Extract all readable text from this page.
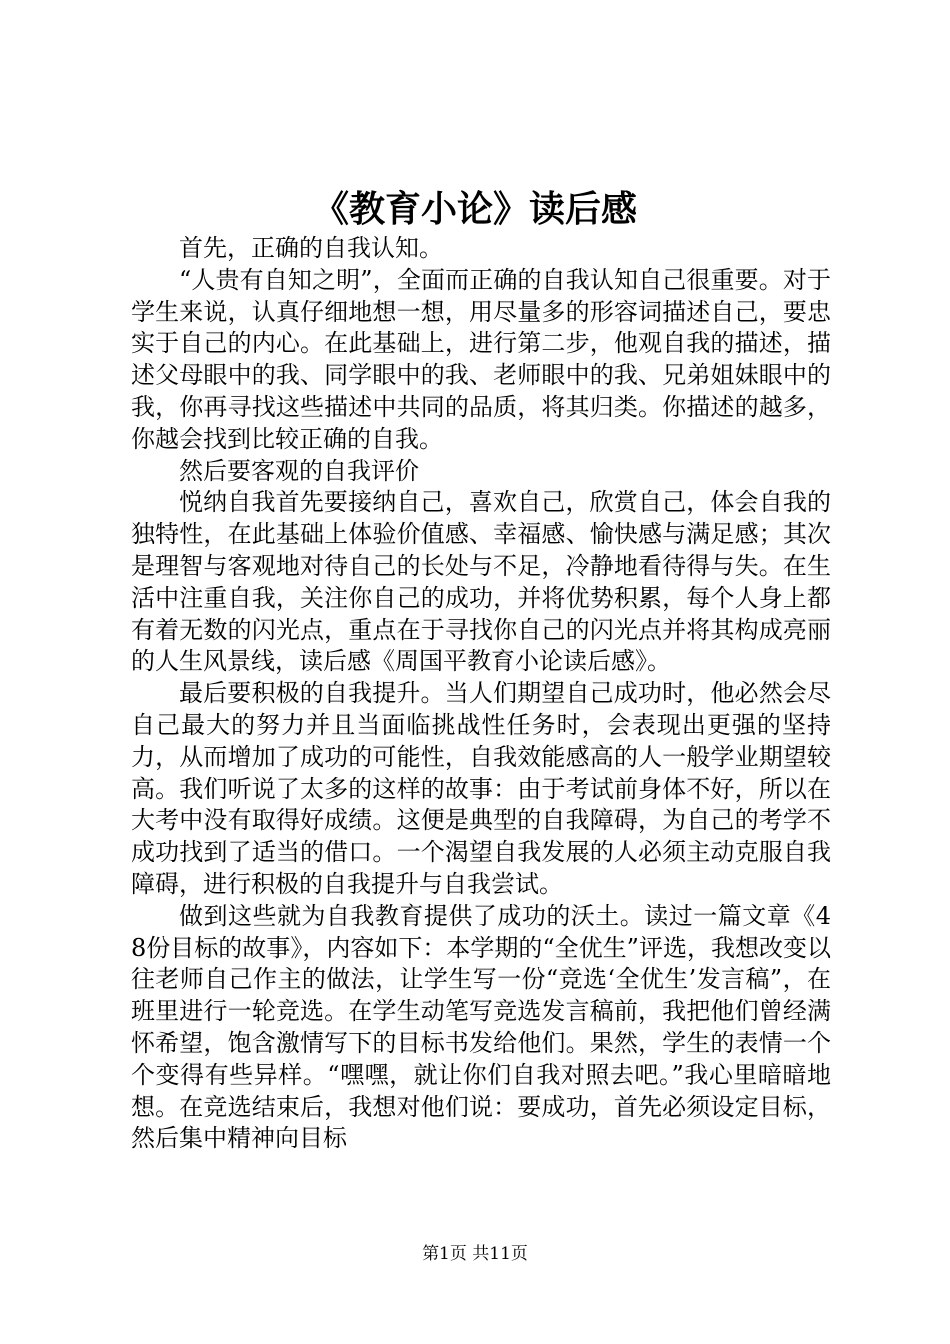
《教育小论》读后感

首先，正确的自我认知。

“人贵有自知之明”，全面而正确的自我认知自己很重要。对于学生来说，认真仔细地想一想，用尽量多的形容词描述自己，要忠实于自己的内心。在此基础上，进行第二步，他观自我的描述，描述父母眼中的我、同学眼中的我、老师眼中的我、兄弟姐妹眼中的我，你再寻找这些描述中共同的品质，将其归类。你描述的越多，你越会找到比较正确的自我。

然后要客观的自我评价

悦纳自我首先要接纳自己，喜欢自己，欣赏自己，体会自我的独特性，在此基础上体验价值感、幸福感、愉快感与满足感；其次是理智与客观地对待自己的长处与不足，冷静地看待得与失。在生活中注重自我，关注你自己的成功，并将优势积累，每个人身上都有着无数的闪光点，重点在于寻找你自己的闪光点并将其构成亮丽的人生风景线，读后感《周国平教育小论读后感》。

最后要积极的自我提升。当人们期望自己成功时，他必然会尽自己最大的努力并且当面临挑战性任务时，会表现出更强的坚持力，从而增加了成功的可能性，自我效能感高的人一般学业期望较高。我们听说了太多的这样的故事：由于考试前身体不好，所以在大考中没有取得好成绩。这便是典型的自我障碍，为自己的考学不成功找到了适当的借口。一个渴望自我发展的人必须主动克服自我障碍，进行积极的自我提升与自我尝试。

做到这些就为自我教育提供了成功的沃土。读过一篇文章《48份目标的故事》，内容如下：本学期的“全优生”评选，我想改变以往老师自己作主的做法，让学生写一份“竞选‘全优生’发言稿”，在班里进行一轮竞选。在学生动笔写竞选发言稿前，我把他们曾经满怀希望，饱含激情写下的目标书发给他们。果然，学生的表情一个个变得有些异样。“嘿嘿，就让你们自我对照去吧。”我心里暗暗地想。在竞选结束后，我想对他们说：要成功，首先必须设定目标，然后集中精神向目标

第1页 共11页
